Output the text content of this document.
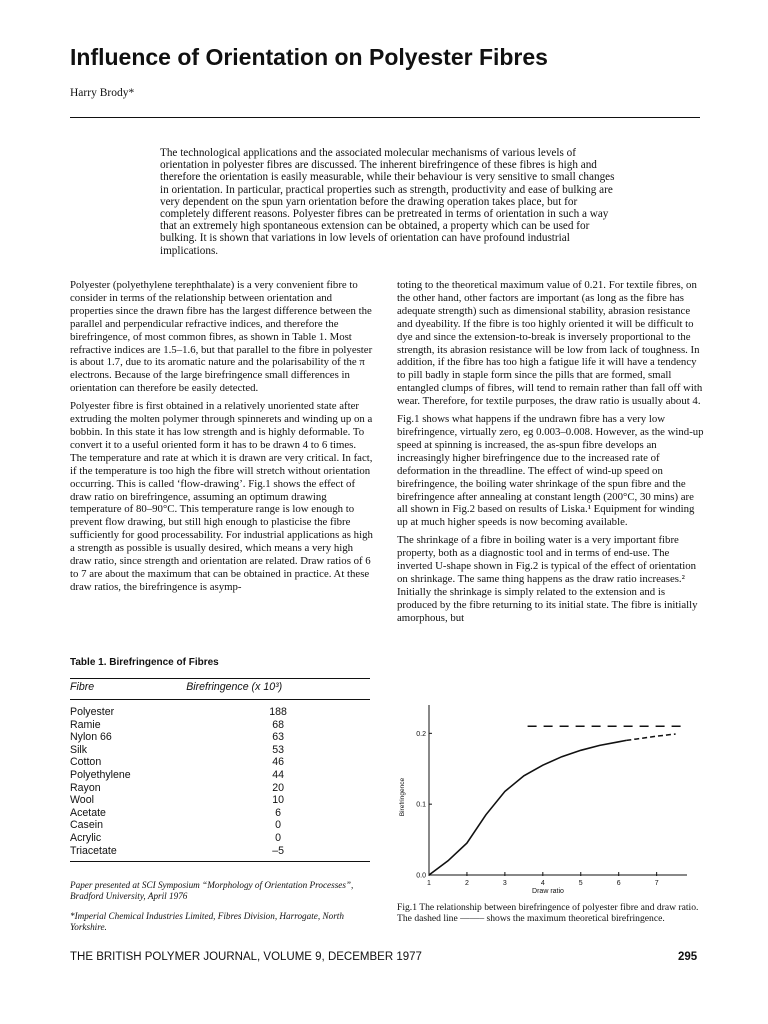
Influence of Orientation on Polyester Fibres
Harry Brody*
The technological applications and the associated molecular mechanisms of various levels of orientation in polyester fibres are discussed. The inherent birefringence of these fibres is high and therefore the orientation is easily measurable, while their behaviour is very sensitive to small changes in orientation. In particular, practical properties such as strength, productivity and ease of bulking are very dependent on the spun yarn orientation before the drawing operation takes place, but for completely different reasons. Polyester fibres can be pretreated in terms of orientation in such a way that an extremely high spontaneous extension can be obtained, a property which can be used for bulking. It is shown that variations in low levels of orientation can have profound industrial implications.

Polyester (polyethylene terephthalate) is a very convenient fibre to consider in terms of the relationship between orientation and properties since the drawn fibre has the largest difference between the parallel and perpendicular refractive indices, and therefore the birefringence, of most common fibres, as shown in Table 1. Most refractive indices are 1.5–1.6, but that parallel to the fibre in polyester is about 1.7, due to its aromatic nature and the polarisability of the π electrons. Because of the large birefringence small differences in orientation can therefore be easily detected.

Polyester fibre is first obtained in a relatively unoriented state after extruding the molten polymer through spinnerets and winding up on a bobbin. In this state it has low strength and is highly deformable. To convert it to a useful oriented form it has to be drawn 4 to 6 times. The temperature and rate at which it is drawn are very critical. In fact, if the temperature is too high the fibre will stretch without orientation occurring. This is called ‘flow-drawing’. Fig.1 shows the effect of draw ratio on birefringence, assuming an optimum drawing temperature of 80–90°C. This temperature range is low enough to prevent flow drawing, but still high enough to plasticise the fibre sufficiently for good processability. For industrial applications as high a strength as possible is usually desired, which means a very high draw ratio, since strength and orientation are related. Draw ratios of 6 to 7 are about the maximum that can be obtained in practice. At these draw ratios, the birefringence is asymp-

toting to the theoretical maximum value of 0.21. For textile fibres, on the other hand, other factors are important (as long as the fibre has adequate strength) such as dimensional stability, abrasion resistance and dyeability. If the fibre is too highly oriented it will be difficult to dye and since the extension-to-break is inversely proportional to the strength, its abrasion resistance will be low from lack of toughness. In addition, if the fibre has too high a fatigue life it will have a tendency to pill badly in staple form since the pills that are formed, small entangled clumps of fibres, will tend to remain rather than fall off with wear. Therefore, for textile purposes, the draw ratio is usually about 4.

Fig.1 shows what happens if the undrawn fibre has a very low birefringence, virtually zero, eg 0.003–0.008. However, as the wind-up speed at spinning is increased, the as-spun fibre develops an increasingly higher birefringence due to the increased rate of deformation in the threadline. The effect of wind-up speed on birefringence, the boiling water shrinkage of the spun fibre and the birefringence after annealing at constant length (200°C, 30 mins) are all shown in Fig.2 based on results of Liska.¹ Equipment for winding up at much higher speeds is now becoming available.

The shrinkage of a fibre in boiling water is a very important fibre property, both as a diagnostic tool and in terms of end-use. The inverted U-shape shown in Fig.2 is typical of the effect of orientation on shrinkage. The same thing happens as the draw ratio increases.² Initially the shrinkage is simply related to the extension and is produced by the fibre returning to its initial state. The fibre is initially amorphous, but

Table 1. Birefringence of Fibres
Fibre	Birefringence (x 10³)
Polyester	188
Ramie	68
Nylon 66	63
Silk	53
Cotton	46
Polyethylene	44
Rayon	20
Wool	10
Acetate	6
Casein	0
Acrylic	0
Triacetate	–5
Paper presented at SCI Symposium “Morphology of Orientation Processes”, Bradford University, April 1976
*Imperial Chemical Industries Limited, Fibres Division, Harrogate, North Yorkshire.
1	2	3	4	5	6	7
0.0
0.1
0.2
Draw ratio
Birefringence
Fig.1 The relationship between birefringence of polyester fibre and draw ratio. The dashed line ––––– shows the maximum theoretical birefringence.
THE BRITISH POLYMER JOURNAL, VOLUME 9, DECEMBER 1977	295
